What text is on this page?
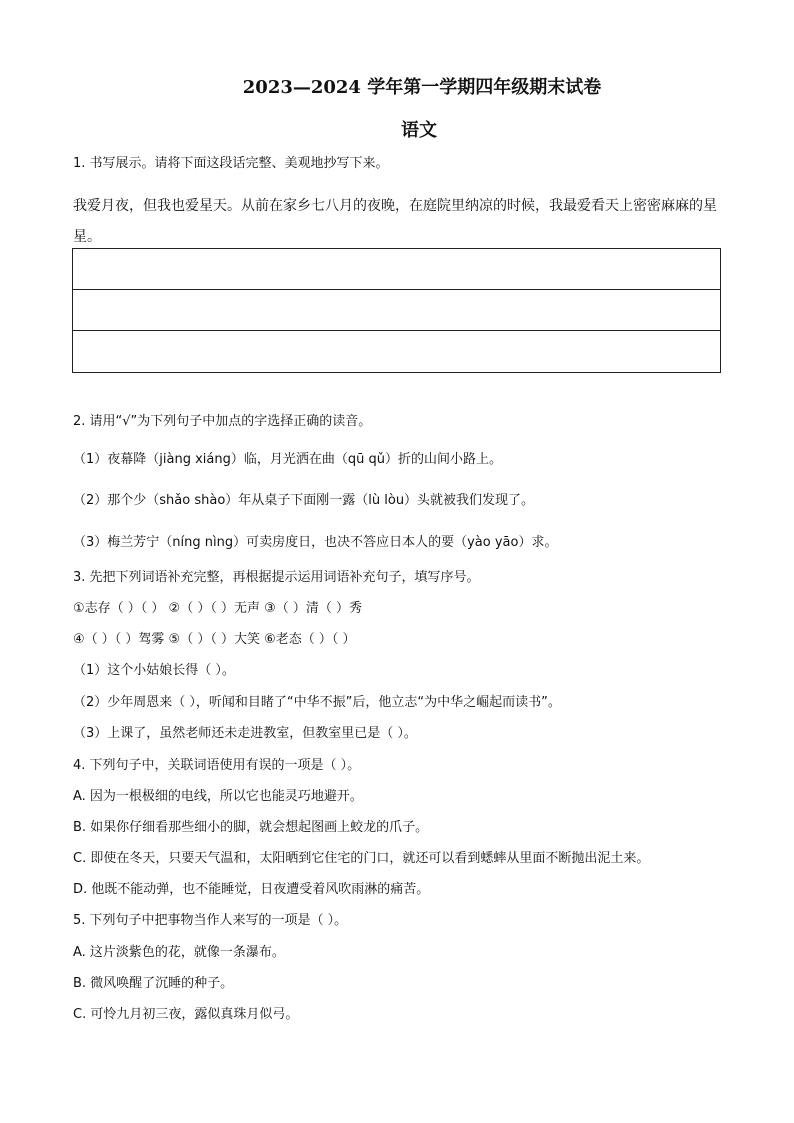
2023—2024 学年第一学期四年级期末试卷
语文
1. 书写展示。请将下面这段话完整、美观地抄写下来。
我爱月夜，但我也爱星天。从前在家乡七八月的夜晚，在庭院里纳凉的时候，我最爱看天上密密麻麻的星星。
2. 请用“√”为下列句子中加点的字选择正确的读音。
（1）夜幕降（jiàng xiáng）临，月光洒在曲（qū qǔ）折的山间小路上。
（2）那个少（shǎo shào）年从桌子下面刚一露（lù lòu）头就被我们发现了。
（3）梅兰芳宁（níng nìng）可卖房度日，也决不答应日本人的要（yào yāo）求。
3. 先把下列词语补充完整，再根据提示运用词语补充句子，填写序号。
①志存（ ）（ ） ②（ ）（ ）无声 ③（ ）清（ ）秀
④（ ）（ ）驾雾 ⑤（ ）（ ）大笑 ⑥老态（ ）（ ）
（1）这个小姑娘长得（ ）。
（2）少年周恩来（ ），听闻和目睹了“中华不振”后，他立志“为中华之崛起而读书”。
（3）上课了，虽然老师还未走进教室，但教室里已是（ ）。
4. 下列句子中，关联词语使用有误的一项是（ ）。
A. 因为一根极细的电线，所以它也能灵巧地避开。
B. 如果你仔细看那些细小的脚，就会想起图画上蛟龙的爪子。
C. 即使在冬天，只要天气温和，太阳晒到它住宅的门口，就还可以看到蟋蟀从里面不断抛出泥土来。
D. 他既不能动弹，也不能睡觉，日夜遭受着风吹雨淋的痛苦。
5. 下列句子中把事物当作人来写的一项是（ ）。
A. 这片淡紫色的花，就像一条瀑布。
B. 微风唤醒了沉睡的种子。
C. 可怜九月初三夜，露似真珠月似弓。
